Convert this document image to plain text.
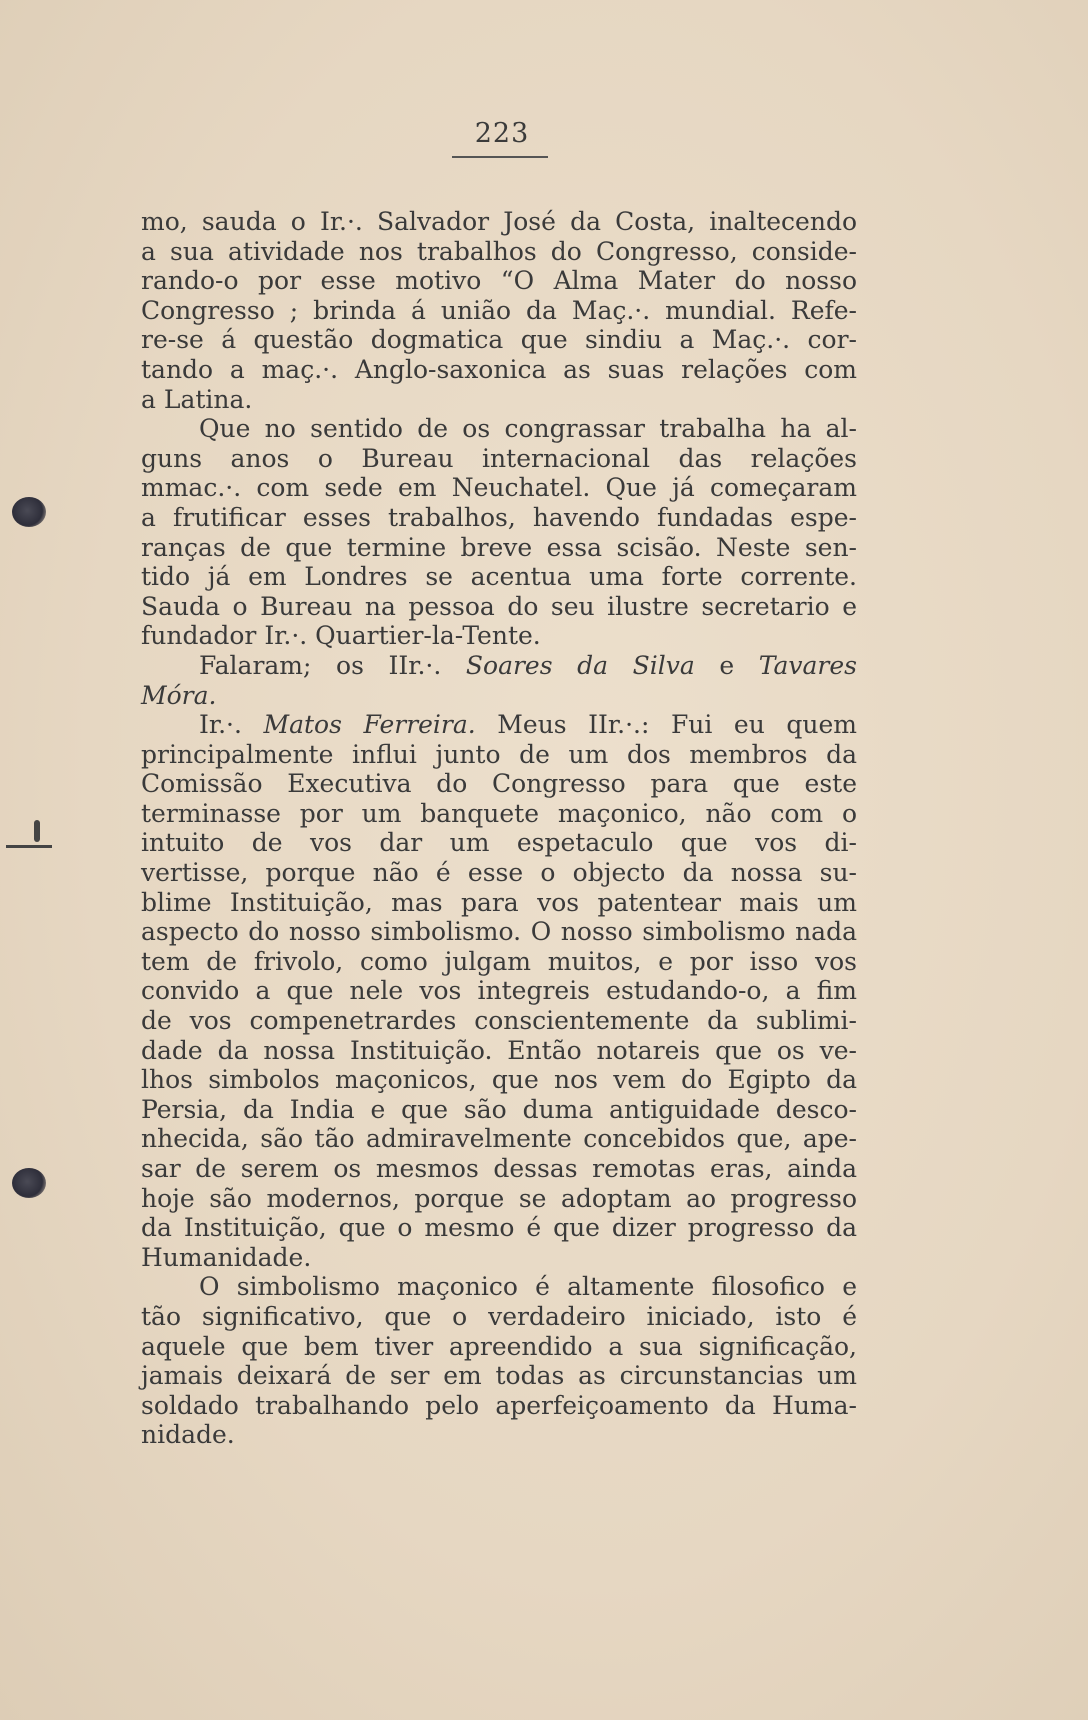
223
mo, sauda o Ir.·. Salvador José da Costa, inaltecendo
a sua atividade nos trabalhos do Congresso, conside-
rando-o por esse motivo “O Alma Mater do nosso
Congresso ; brinda á união da Maç.·. mundial. Refe-
re-se á questão dogmatica que sindiu a Maç.·. cor-
tando a maç.·. Anglo-saxonica as suas relações com
a Latina.
Que no sentido de os congrassar trabalha ha al-
guns anos o Bureau internacional das relações
mmac.·. com sede em Neuchatel. Que já começaram
a frutificar esses trabalhos, havendo fundadas espe-
ranças de que termine breve essa scisão. Neste sen-
tido já em Londres se acentua uma forte corrente.
Sauda o Bureau na pessoa do seu ilustre secretario e
fundador Ir.·. Quartier-la-Tente.
Falaram; os IIr.·. Soares da Silva e Tavares
Móra.
Ir.·. Matos Ferreira. Meus IIr.·.: Fui eu quem
principalmente influi junto de um dos membros da
Comissão Executiva do Congresso para que este
terminasse por um banquete maçonico, não com o
intuito de vos dar um espetaculo que vos di-
vertisse, porque não é esse o objecto da nossa su-
blime Instituição, mas para vos patentear mais um
aspecto do nosso simbolismo. O nosso simbolismo nada
tem de frivolo, como julgam muitos, e por isso vos
convido a que nele vos integreis estudando-o, a fim
de vos compenetrardes conscientemente da sublimi-
dade da nossa Instituição. Então notareis que os ve-
lhos simbolos maçonicos, que nos vem do Egipto da
Persia, da India e que são duma antiguidade desco-
nhecida, são tão admiravelmente concebidos que, ape-
sar de serem os mesmos dessas remotas eras, ainda
hoje são modernos, porque se adoptam ao progresso
da Instituição, que o mesmo é que dizer progresso da
Humanidade.
O simbolismo maçonico é altamente filosofico e
tão significativo, que o verdadeiro iniciado, isto é
aquele que bem tiver apreendido a sua significação,
jamais deixará de ser em todas as circunstancias um
soldado trabalhando pelo aperfeiçoamento da Huma-
nidade.
